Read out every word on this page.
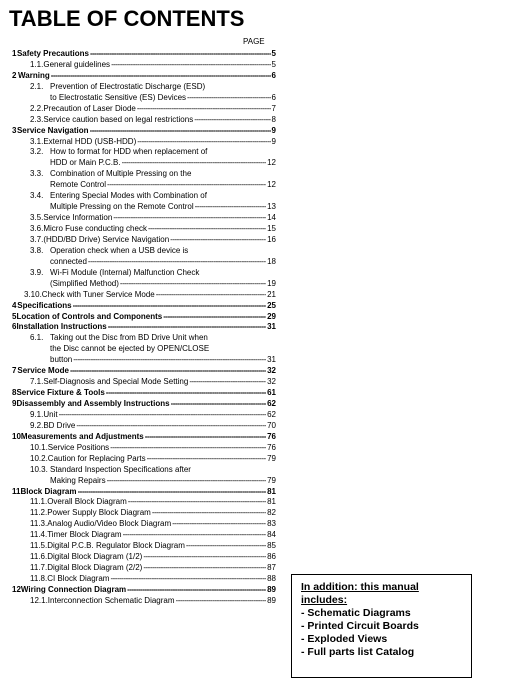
TABLE OF CONTENTS
PAGE
1 Safety Precautions -----	5
1.1. General guidelines -----	5
2 Warning -----	6
2.1. Prevention of Electrostatic Discharge (ESD)
to Electrostatic Sensitive (ES) Devices -----	6
2.2. Precaution of Laser Diode -----	7
2.3. Service caution based on legal restrictions -----	8
3 Service Navigation -----	9
3.1. External HDD (USB-HDD) -----	9
3.2. How to format for HDD when replacement of
HDD or Main P.C.B. -----	12
3.3. Combination of Multiple Pressing on the
Remote Control -----	12
3.4. Entering Special Modes with Combination of
Multiple Pressing on the Remote Control -----	13
3.5. Service Information -----	14
3.6. Micro Fuse conducting check -----	15
3.7. (HDD/BD Drive) Service Navigation -----	16
3.8. Operation check when a USB device is
connected -----	18
3.9. Wi-Fi Module (Internal) Malfunction Check
(Simplified Method) -----	19
3.10. Check with Tuner Service Mode -----	21
4 Specifications -----	25
5 Location of Controls and Components -----	29
6 Installation Instructions -----	31
6.1. Taking out the Disc from BD Drive Unit when
the Disc cannot be ejected by OPEN/CLOSE
button -----	31
7 Service Mode -----	32
7.1. Self-Diagnosis and Special Mode Setting -----	32
8 Service Fixture & Tools -----	61
9 Disassembly and Assembly Instructions -----	62
9.1. Unit -----	62
9.2. BD Drive -----	70
10 Measurements and Adjustments -----	76
10.1. Service Positions -----	76
10.2. Caution for Replacing Parts -----	79
10.3. Standard Inspection Specifications after
Making Repairs -----	79
11 Block Diagram -----	81
11.1. Overall Block Diagram -----	81
11.2. Power Supply Block Diagram -----	82
11.3. Analog Audio/Video Block Diagram -----	83
11.4. Timer Block Diagram -----	84
11.5. Digital P.C.B. Regulator Block Diagram -----	85
11.6. Digital Block Diagram (1/2) -----	86
11.7. Digital Block Diagram (2/2) -----	87
11.8. CI Block Diagram -----	88
12 Wiring Connection Diagram -----	89
12.1. Interconnection Schematic Diagram -----	89
In addition: this manual
includes:
- Schematic Diagrams
- Printed Circuit Boards
- Exploded Views
- Full parts list Catalog
